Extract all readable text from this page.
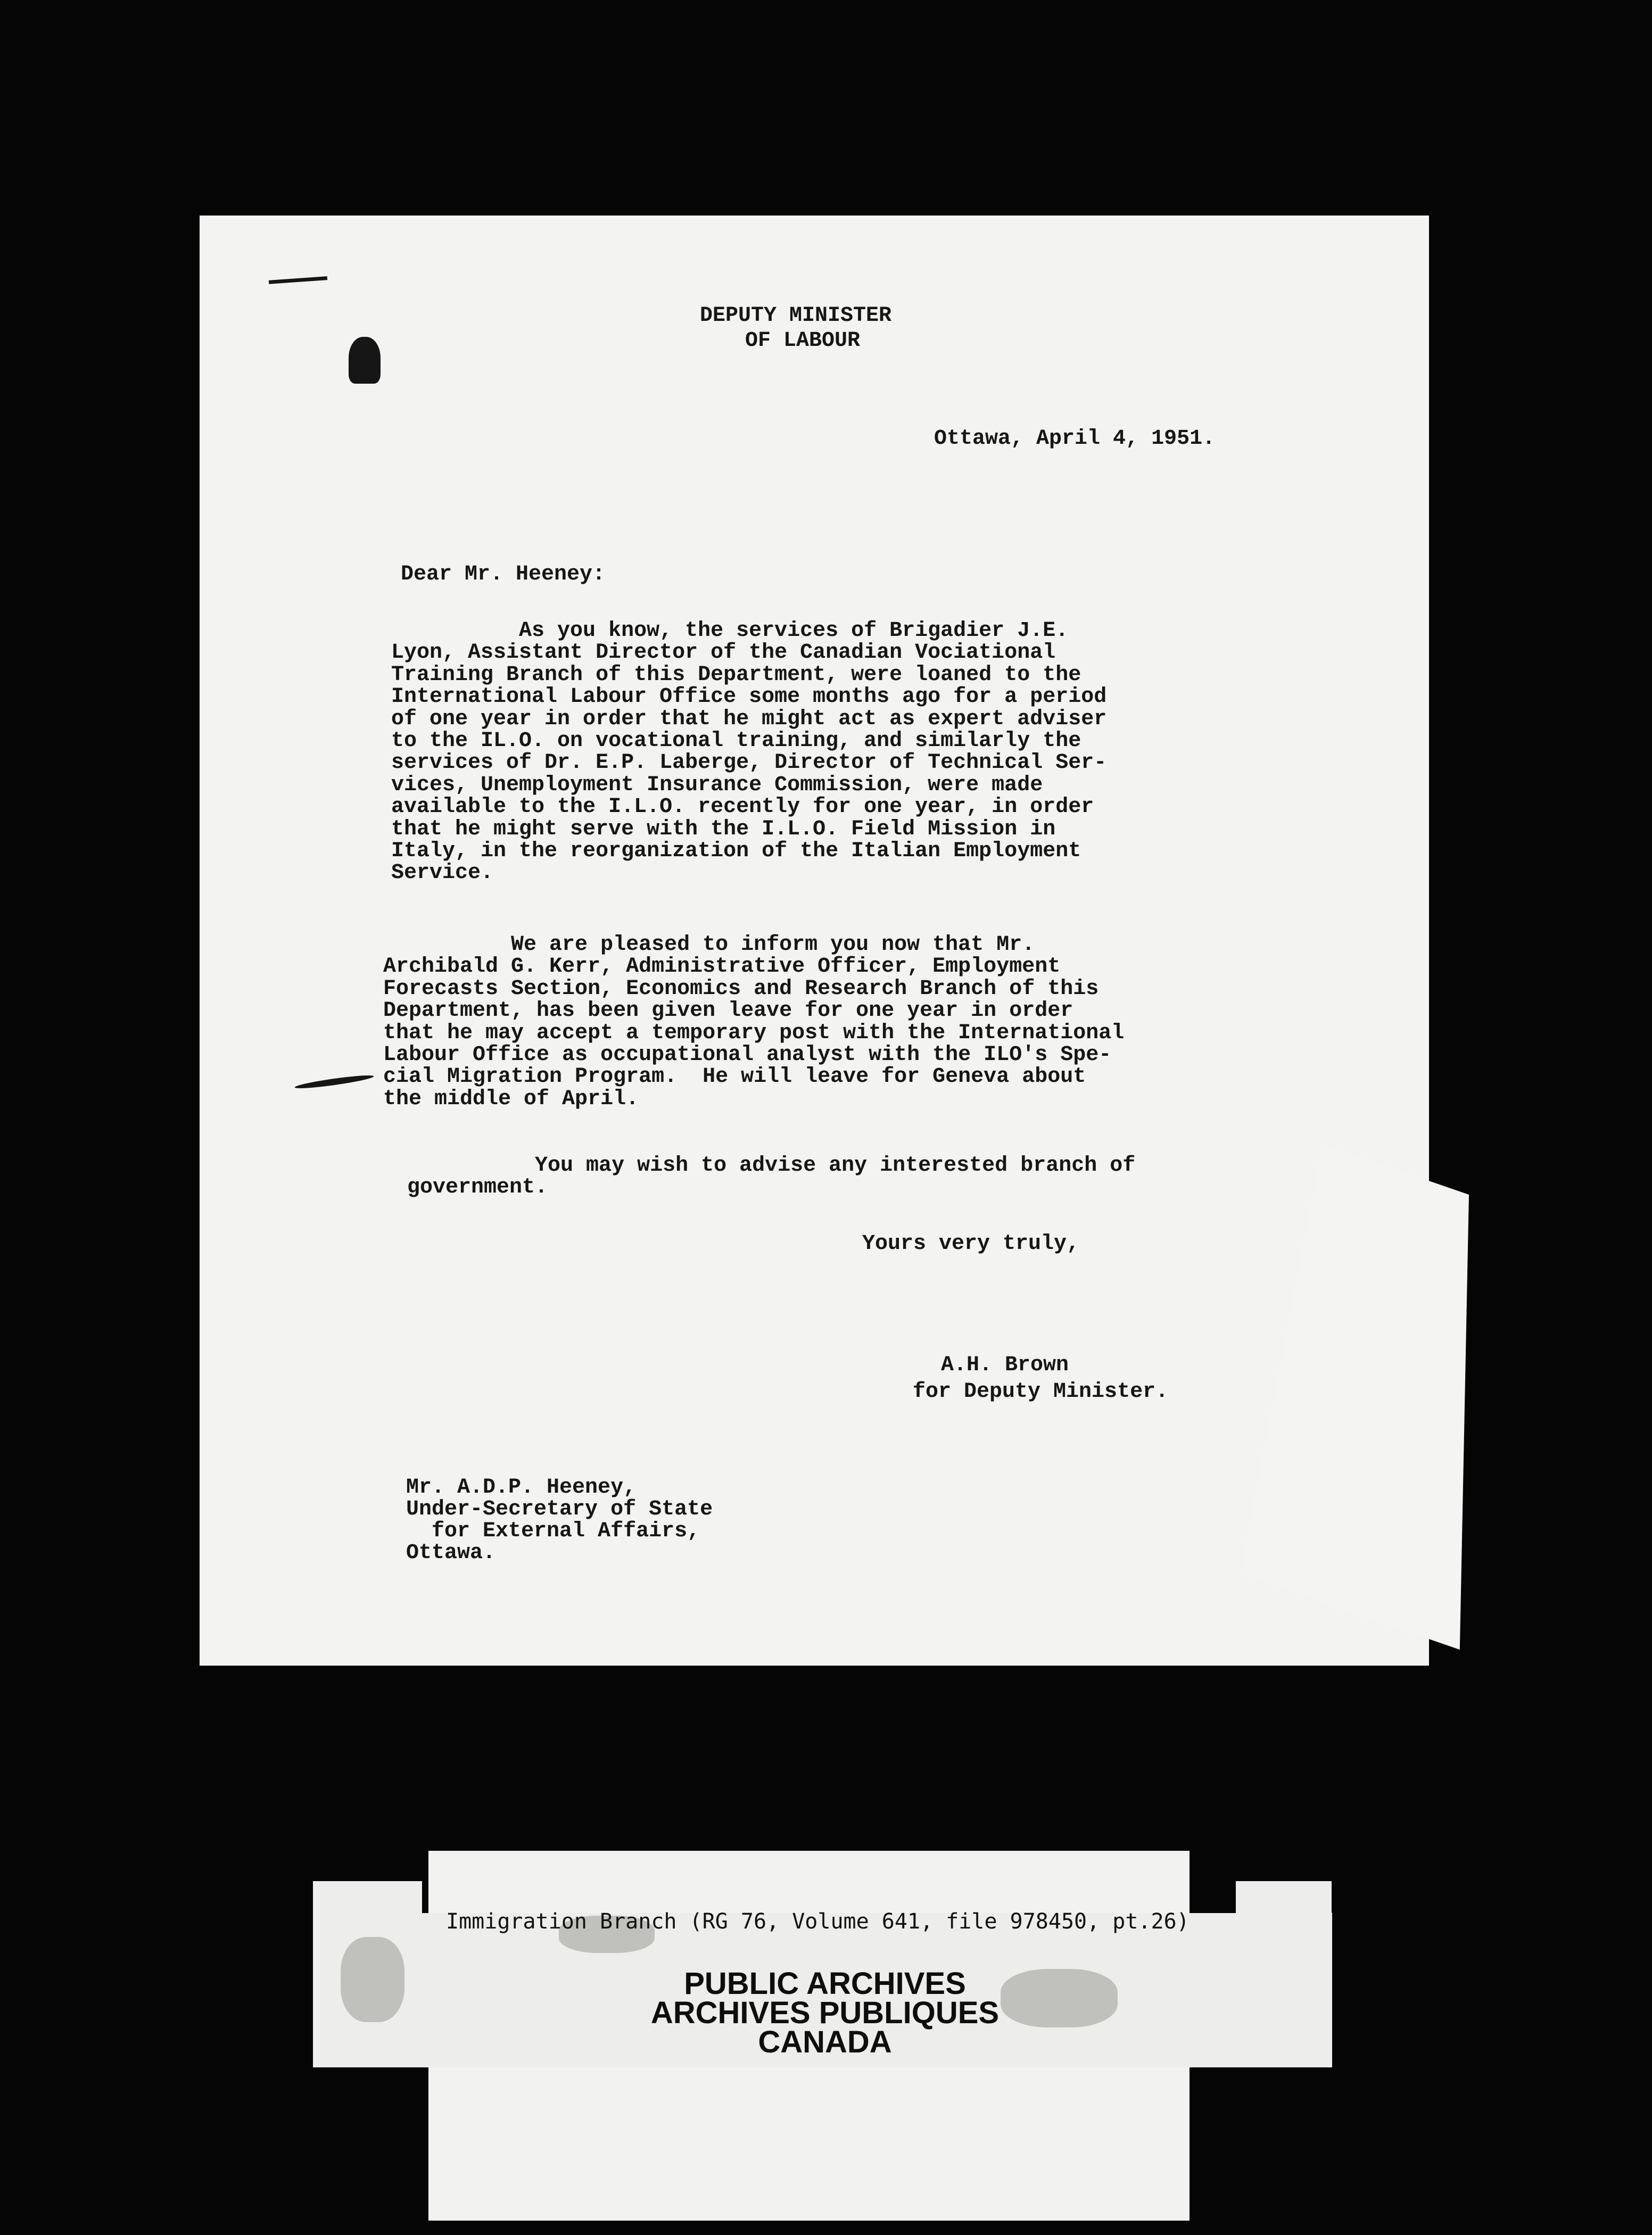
DEPUTY MINISTER

OF LABOUR

Ottawa, April 4, 1951.

Dear Mr. Heeney:

As you know, the services of Brigadier J.E.
Lyon, Assistant Director of the Canadian Vociational
Training Branch of this Department, were loaned to the
International Labour Office some months ago for a period
of one year in order that he might act as expert adviser
to the IL.O. on vocational training, and similarly the
services of Dr. E.P. Laberge, Director of Technical Ser-
vices, Unemployment Insurance Commission, were made
available to the I.L.O. recently for one year, in order
that he might serve with the I.L.O. Field Mission in
Italy, in the reorganization of the Italian Employment
Service.

We are pleased to inform you now that Mr.
Archibald G. Kerr, Administrative Officer, Employment
Forecasts Section, Economics and Research Branch of this
Department, has been given leave for one year in order
that he may accept a temporary post with the International
Labour Office as occupational analyst with the ILO's Spe-
cial Migration Program.  He will leave for Geneva about
the middle of April.

You may wish to advise any interested branch of
government.

Yours very truly,

A.H. Brown

for Deputy Minister.

Mr. A.D.P. Heeney,

Under-Secretary of State

for External Affairs,

Ottawa.

Immigration Branch (RG 76, Volume 641, file 978450, pt.26)

PUBLIC ARCHIVES
ARCHIVES PUBLIQUES
CANADA
